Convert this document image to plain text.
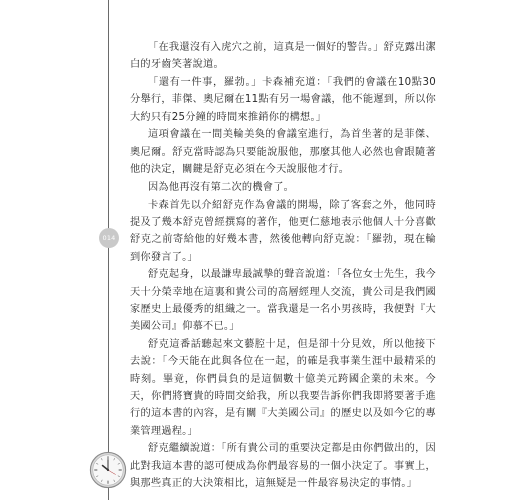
014

「在我還沒有入虎穴之前，這真是一個好的警告。」舒克露出潔白的牙齒笑著說道。

「還有一件事，羅勃。」卡森補充道：「我們的會議在10點30分舉行，菲傑、奧尼爾在11點有另一場會議，他不能遲到，所以你大約只有25分鐘的時間來推銷你的構想。」

這項會議在一間美輪美奐的會議室進行，為首坐著的是菲傑、奧尼爾。舒克當時認為只要能說服他，那麼其他人必然也會跟隨著他的決定，關鍵是舒克必須在今天說服他才行。

因為他再沒有第二次的機會了。

卡森首先以介紹舒克作為會議的開場，除了客套之外，他同時提及了幾本舒克曾經撰寫的著作，他更仁慈地表示他個人十分喜歡舒克之前寄給他的好幾本書，然後他轉向舒克說：「羅勃，現在輪到你發言了。」

舒克起身，以最謙卑最誠摯的聲音說道：「各位女士先生，我今天十分榮幸地在這裏和貴公司的高層經理人交流，貴公司是我們國家歷史上最優秀的組織之一。當我還是一名小男孩時，我便對『大美國公司』仰慕不已。」

舒克這番話聽起來文藝腔十足，但是卻十分見效，所以他接下去說：「今天能在此與各位在一起，的確是我事業生涯中最精采的時刻。畢竟，你們員負的是這個數十億美元跨國企業的未來。今天，你們將寶貴的時間交給我，所以我要告訴你們我即將要著手進行的這本書的內容，是有關『大美國公司』的歷史以及如今它的專業管理過程。」

舒克繼續說道：「所有貴公司的重要決定都是由你們做出的，因此對我這本書的認可便成為你們最容易的一個小決定了。事實上，與那些真正的大決策相比，這無疑是一件最容易決定的事情。」
